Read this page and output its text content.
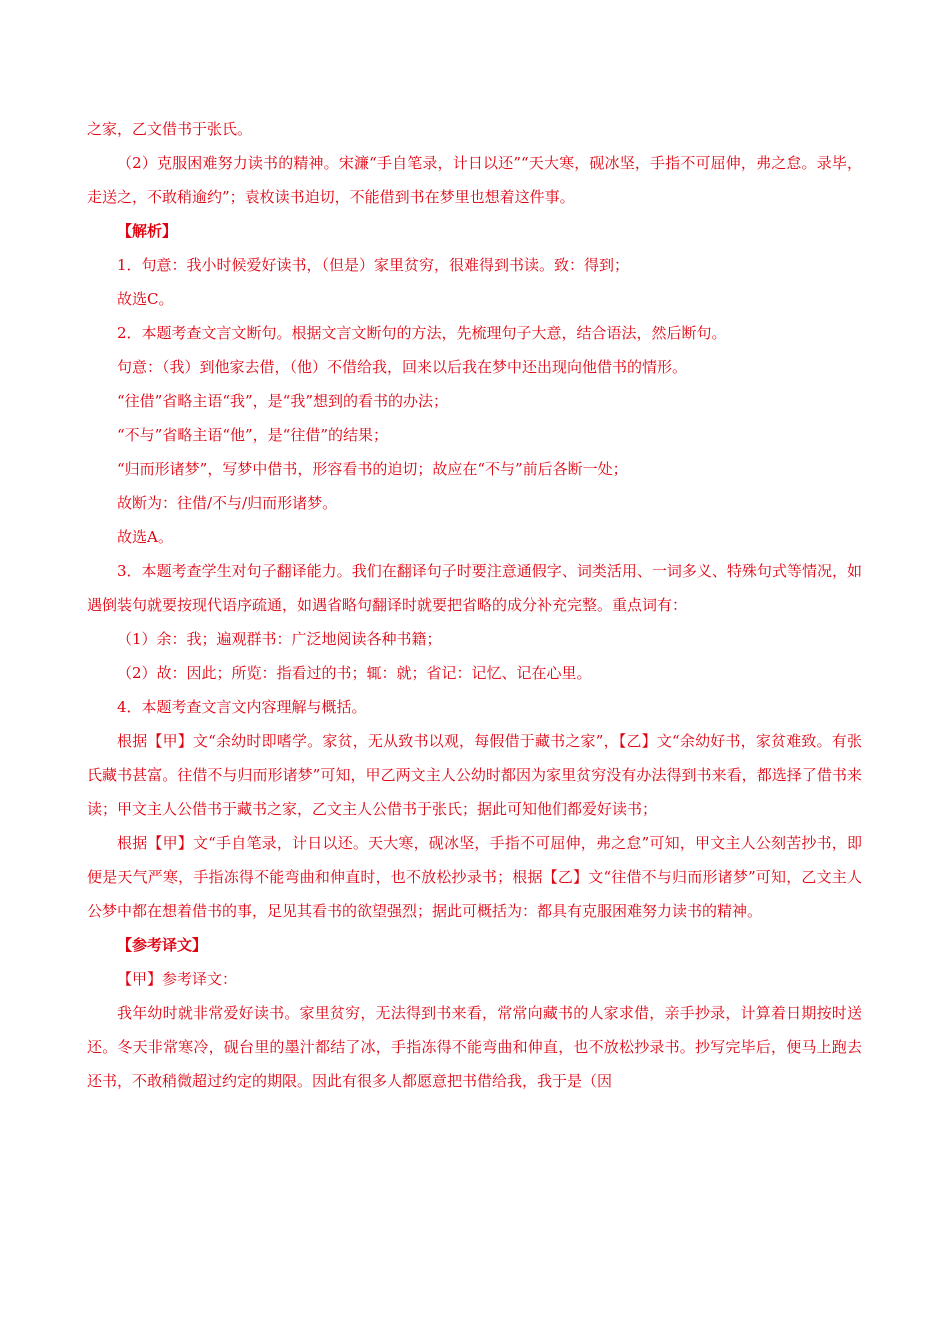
之家，乙文借书于张氏。

（2）克服困难努力读书的精神。宋濂“手自笔录，计日以还”“天大寒，砚冰坚，手指不可屈伸，弗之怠。录毕，走送之，不敢稍逾约”；袁枚读书迫切，不能借到书在梦里也想着这件事。

【解析】

1．句意：我小时候爱好读书，（但是）家里贫穷，很难得到书读。致：得到；

故选C。

2．本题考查文言文断句。根据文言文断句的方法，先梳理句子大意，结合语法，然后断句。

句意：（我）到他家去借，（他）不借给我，回来以后我在梦中还出现向他借书的情形。

“往借”省略主语“我”，是“我”想到的看书的办法；

“不与”省略主语“他”，是“往借”的结果；

“归而形诸梦”，写梦中借书，形容看书的迫切；故应在“不与”前后各断一处；

故断为：往借/不与/归而形诸梦。

故选A。

3．本题考查学生对句子翻译能力。我们在翻译句子时要注意通假字、词类活用、一词多义、特殊句式等情况，如遇倒装句就要按现代语序疏通，如遇省略句翻译时就要把省略的成分补充完整。重点词有：

（1）余：我；遍观群书：广泛地阅读各种书籍；

（2）故：因此；所览：指看过的书；辄：就；省记：记忆、记在心里。

4．本题考查文言文内容理解与概括。

根据【甲】文“余幼时即嗜学。家贫，无从致书以观，每假借于藏书之家”，【乙】文“余幼好书，家贫难致。有张氏藏书甚富。往借不与归而形诸梦”可知，甲乙两文主人公幼时都因为家里贫穷没有办法得到书来看，都选择了借书来读；甲文主人公借书于藏书之家，乙文主人公借书于张氏；据此可知他们都爱好读书；

根据【甲】文“手自笔录，计日以还。天大寒，砚冰坚，手指不可屈伸，弗之怠”可知，甲文主人公刻苦抄书，即便是天气严寒，手指冻得不能弯曲和伸直时，也不放松抄录书；根据【乙】文“往借不与归而形诸梦”可知，乙文主人公梦中都在想着借书的事，足见其看书的欲望强烈；据此可概括为：都具有克服困难努力读书的精神。

【参考译文】

【甲】参考译文：

我年幼时就非常爱好读书。家里贫穷，无法得到书来看，常常向藏书的人家求借，亲手抄录，计算着日期按时送还。冬天非常寒冷，砚台里的墨汁都结了冰，手指冻得不能弯曲和伸直，也不放松抄录书。抄写完毕后，便马上跑去还书，不敢稍微超过约定的期限。因此有很多人都愿意把书借给我，我于是（因
